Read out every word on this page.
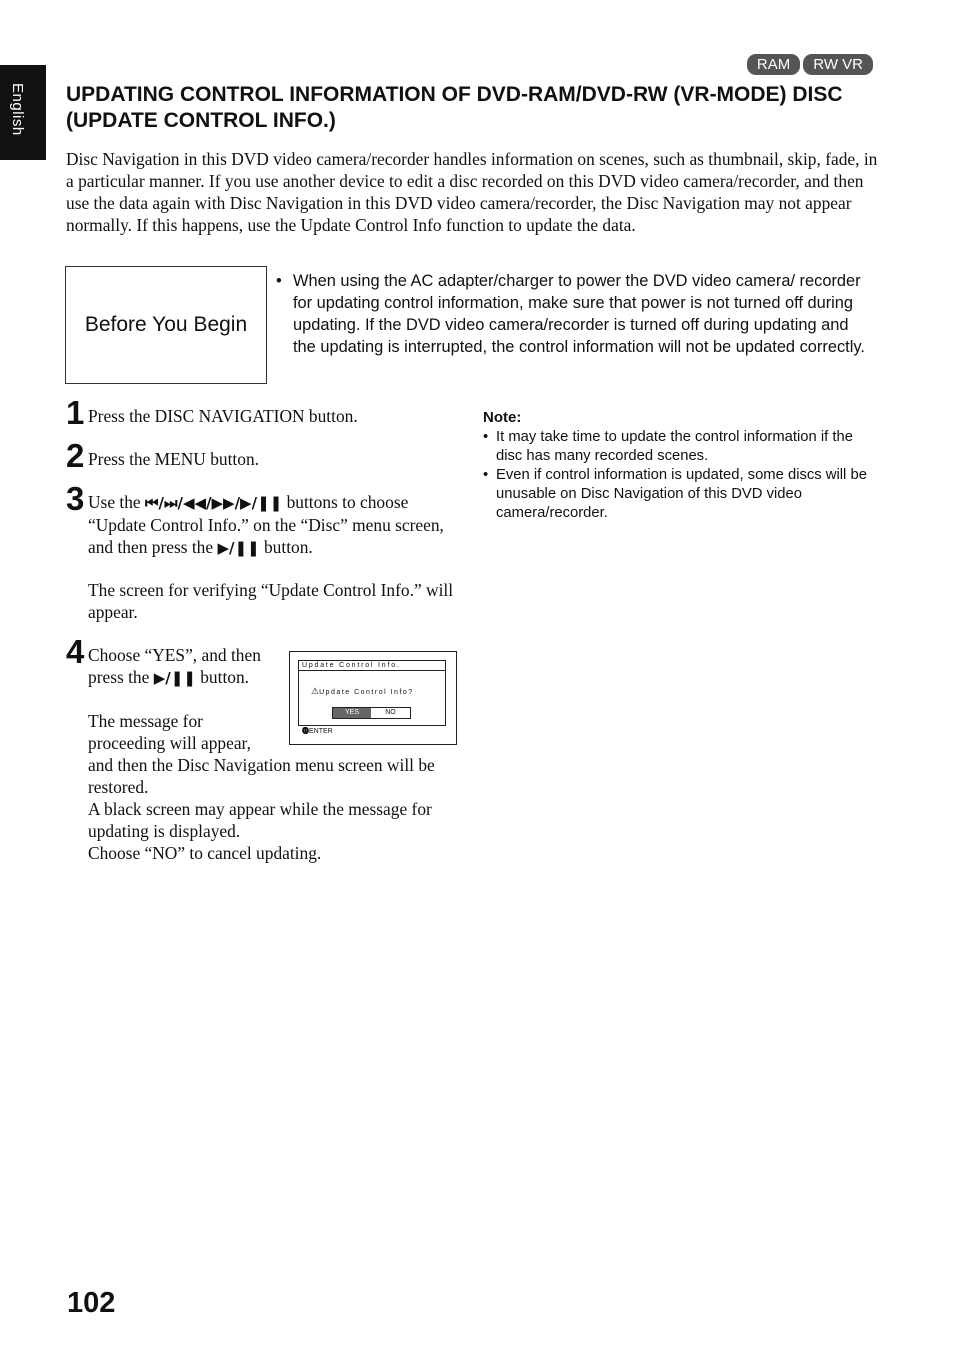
English
RAM	RW VR
UPDATING CONTROL INFORMATION OF DVD-RAM/DVD-RW (VR-MODE) DISC (UPDATE CONTROL INFO.)

Disc Navigation in this DVD video camera/recorder handles information on scenes, such as thumbnail, skip, fade, in a particular manner. If you use another device to edit a disc recorded on this DVD video camera/recorder, and then use the data again with Disc Navigation in this DVD video camera/recorder, the Disc Navigation may not appear normally. If this happens, use the Update Control Info function to update the data.

Before You Begin
• When using the AC adapter/charger to power the DVD video camera/ recorder for updating control information, make sure that power is not turned off during updating. If the DVD video camera/recorder is turned off during updating and the updating is interrupted, the control information will not be updated correctly.
1 Press the DISC NAVIGATION button.

2 Press the MENU button.

3 Use the ⏮/⏭/◀◀/▶▶/▶/❚❚ buttons to choose “Update Control Info.” on the “Disc” menu screen, and then press the ▶/❚❚ button.

The screen for verifying “Update Control Info.” will appear.

4 Choose “YES”, and then press the ▶/❚❚ button.

The message for proceeding will appear,

and then the Disc Navigation menu screen will be restored.

A black screen may appear while the message for updating is displayed.

Choose “NO” to cancel updating.

Update Control Info.
⚠Update Control Info?
YES	NO
⓿ENTER
Note:
• It may take time to update the control information if the disc has many recorded scenes.
• Even if control information is updated, some discs will be unusable on Disc Navigation of this DVD video camera/recorder.
102
